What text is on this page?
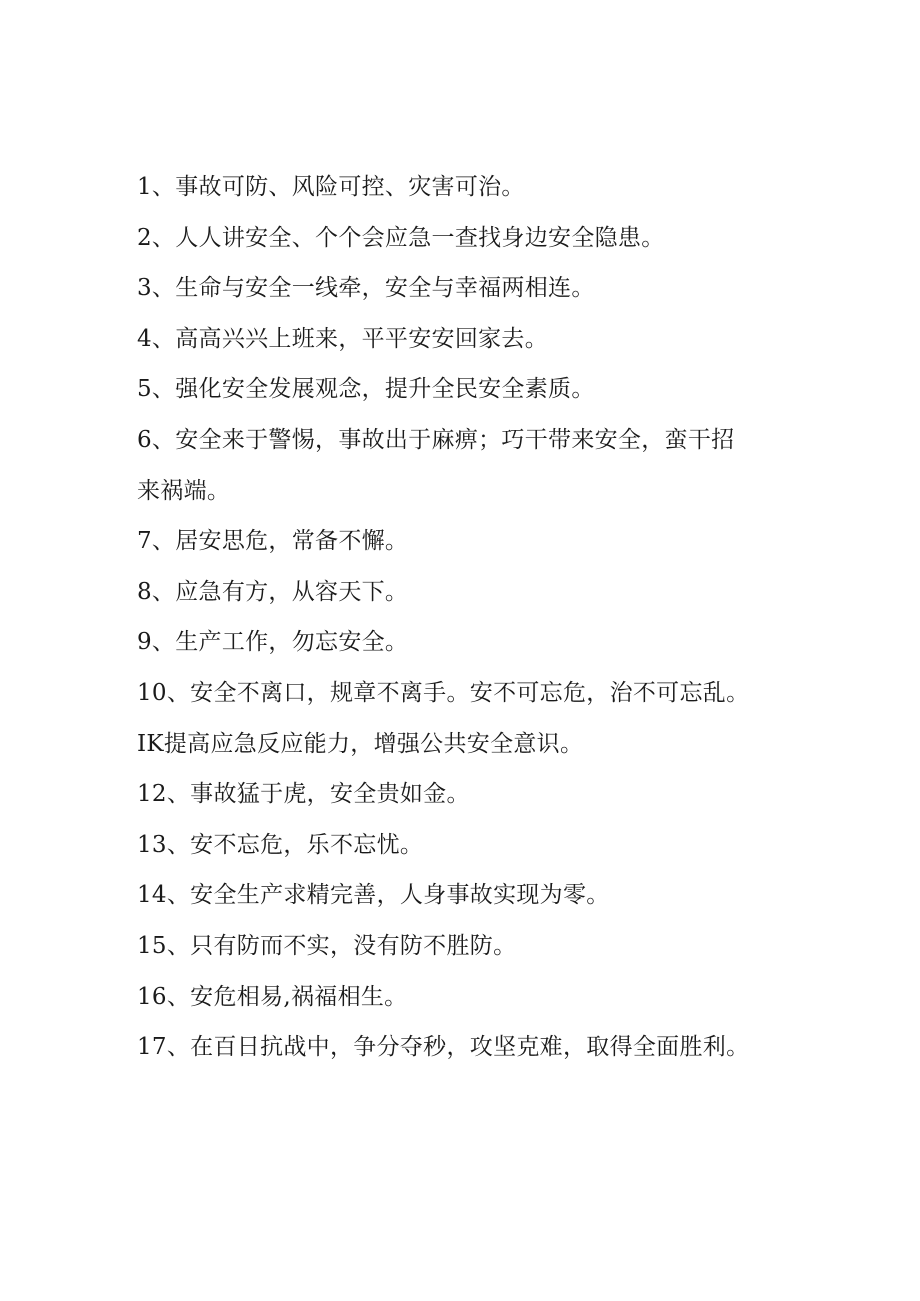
1、事故可防、风险可控、灾害可治。

2、人人讲安全、个个会应急一查找身边安全隐患。

3、生命与安全一线牵，安全与幸福两相连。

4、高高兴兴上班来，平平安安回家去。

5、强化安全发展观念，提升全民安全素质。

6、安全来于警惕，事故出于麻痹；巧干带来安全，蛮干招

来祸端。

7、居安思危，常备不懈。

8、应急有方，从容天下。

9、生产工作，勿忘安全。

10、安全不离口，规章不离手。安不可忘危，治不可忘乱。

IK提高应急反应能力，增强公共安全意识。

12、事故猛于虎，安全贵如金。

13、安不忘危，乐不忘忧。

14、安全生产求精完善，人身事故实现为零。

15、只有防而不实，没有防不胜防。

16、安危相易,祸福相生。

17、在百日抗战中，争分夺秒，攻坚克难，取得全面胜利。
